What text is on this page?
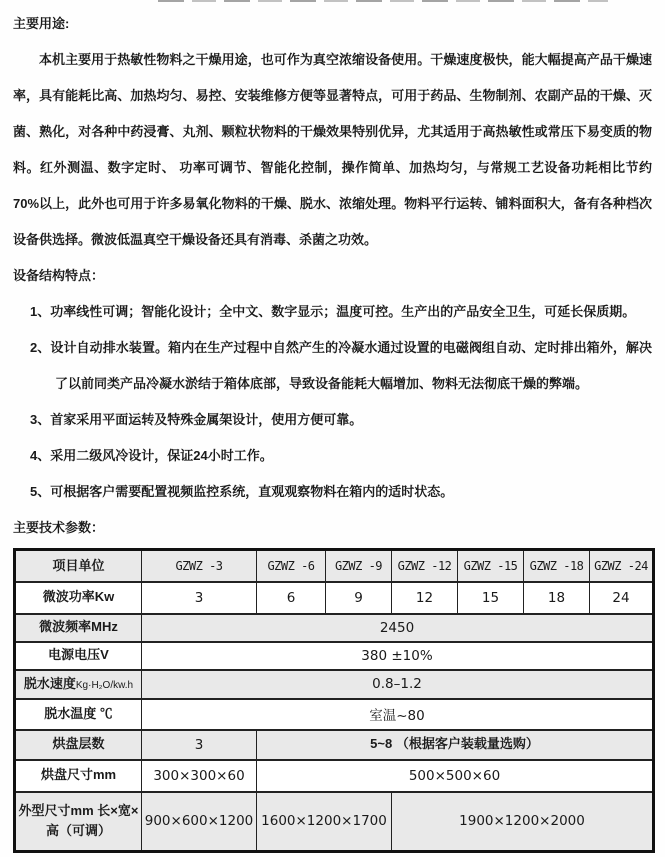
主要用途:

本机主要用于热敏性物料之干燥用途，也可作为真空浓缩设备使用。干燥速度极快，能大幅提高产品干燥速率，具有能耗比高、加热均匀、易控、安装维修方便等显著特点，可用于药品、生物制剂、农副产品的干燥、灭菌、熟化，对各种中药浸膏、丸剂、颗粒状物料的干燥效果特别优异，尤其适用于高热敏性或常压下易变质的物料。红外测温、数字定时、 功率可调节、智能化控制，操作简单、加热均匀，与常规工艺设备功耗相比节约70%以上，此外也可用于许多易氧化物料的干燥、脱水、浓缩处理。物料平行运转、铺料面积大，备有各种档次设备供选择。微波低温真空干燥设备还具有消毒、杀菌之功效。

设备结构特点：
1、功率线性可调；智能化设计；全中文、数字显示；温度可控。生产出的产品安全卫生，可延长保质期。
2、设计自动排水装置。箱内在生产过程中自然产生的冷凝水通过设置的电磁阀组自动、定时排出箱外，解决了以前同类产品冷凝水淤结于箱体底部，导致设备能耗大幅增加、物料无法彻底干燥的弊端。
3、首家采用平面运转及特殊金属架设计，使用方便可靠。
4、采用二级风冷设计，保证24小时工作。
5、可根据客户需要配置视频监控系统，直观观察物料在箱内的适时状态。
主要技术参数：
项目单位	GZWZ -3	GZWZ -6	GZWZ -9	GZWZ -12	GZWZ -15	GZWZ -18	GZWZ -24
微波功率Kw	3	6	9	12	15	18	24
微波频率MHz	2450						
电源电压V	380 ±10%						
脱水速度Kg·H₂O/kw.h	0.8–1.2						
脱水温度 ℃	室温~80						
烘盘层数	3	5~8 （根据客户装载量选购）					
烘盘尺寸mm	300×300×60	500×500×60					
外型尺寸mm 长×宽×高（可调）	900×600×1200	1600×1200×1700		1900×1200×2000			
